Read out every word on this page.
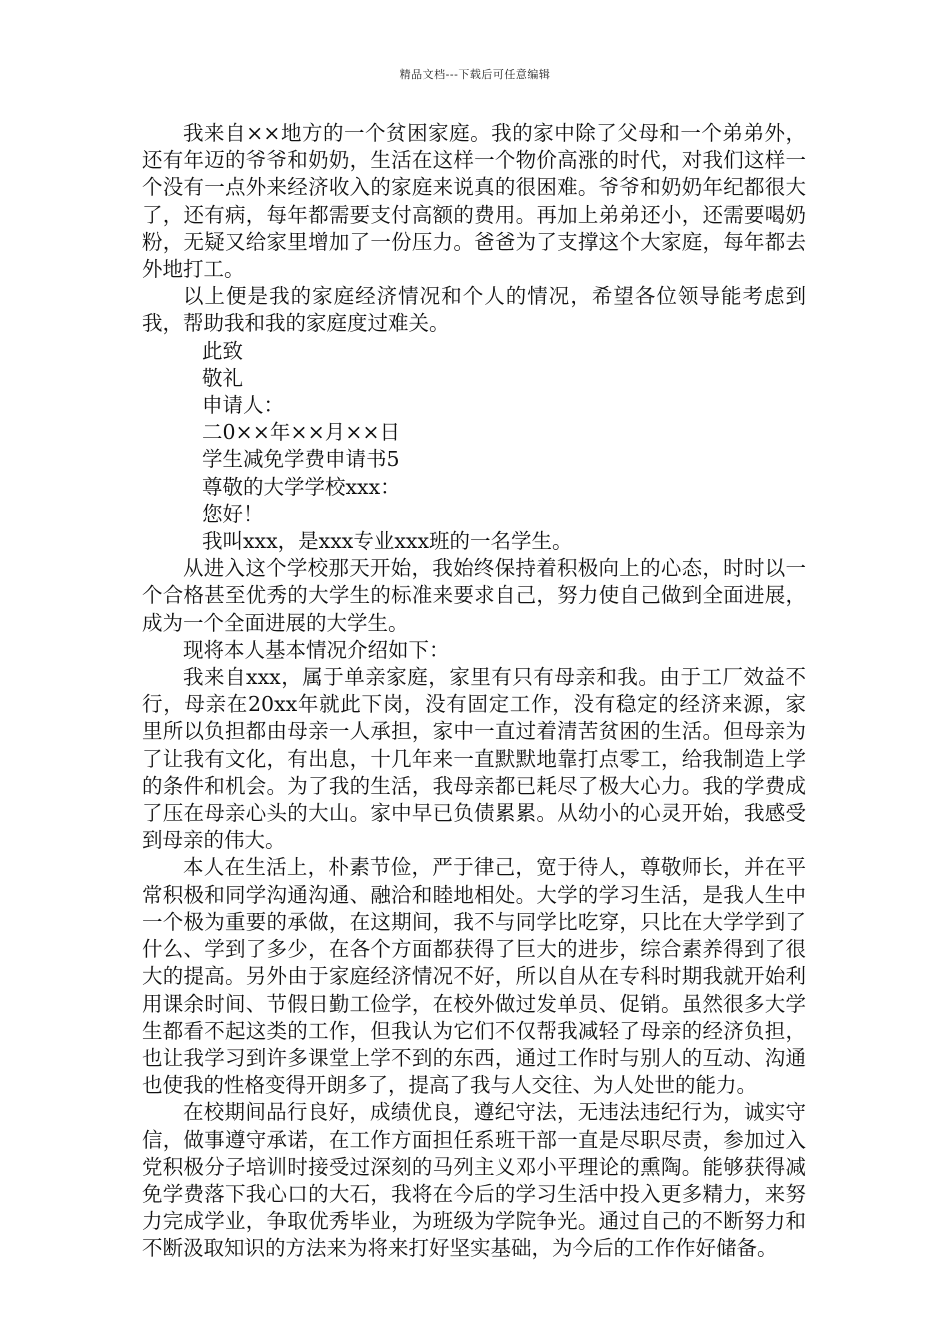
精品文档---下载后可任意编辑

我来自××地方的一个贫困家庭。我的家中除了父母和一个弟弟外，还有年迈的爷爷和奶奶，生活在这样一个物价高涨的时代，对我们这样一个没有一点外来经济收入的家庭来说真的很困难。爷爷和奶奶年纪都很大了，还有病，每年都需要支付高额的费用。再加上弟弟还小，还需要喝奶粉，无疑又给家里增加了一份压力。爸爸为了支撑这个大家庭，每年都去外地打工。

以上便是我的家庭经济情况和个人的情况，希望各位领导能考虑到我，帮助我和我的家庭度过难关。

此致

敬礼

申请人：

二0××年××月××日

学生减免学费申请书5

尊敬的大学学校xxx：

您好！

我叫xxx，是xxx专业xxx班的一名学生。

从进入这个学校那天开始，我始终保持着积极向上的心态，时时以一个合格甚至优秀的大学生的标准来要求自己，努力使自己做到全面进展，成为一个全面进展的大学生。

现将本人基本情况介绍如下：

我来自xxx，属于单亲家庭，家里有只有母亲和我。由于工厂效益不行，母亲在20xx年就此下岗，没有固定工作，没有稳定的经济来源，家里所以负担都由母亲一人承担，家中一直过着清苦贫困的生活。但母亲为了让我有文化，有出息，十几年来一直默默地靠打点零工，给我制造上学的条件和机会。为了我的生活，我母亲都已耗尽了极大心力。我的学费成了压在母亲心头的大山。家中早已负债累累。从幼小的心灵开始，我感受到母亲的伟大。

本人在生活上，朴素节俭，严于律己，宽于待人，尊敬师长，并在平常积极和同学沟通沟通、融洽和睦地相处。大学的学习生活，是我人生中一个极为重要的承做，在这期间，我不与同学比吃穿，只比在大学学到了什么、学到了多少，在各个方面都获得了巨大的进步，综合素养得到了很大的提高。另外由于家庭经济情况不好，所以自从在专科时期我就开始利用课余时间、节假日勤工俭学，在校外做过发单员、促销。虽然很多大学生都看不起这类的工作，但我认为它们不仅帮我减轻了母亲的经济负担，也让我学习到许多课堂上学不到的东西，通过工作时与别人的互动、沟通也使我的性格变得开朗多了，提高了我与人交往、为人处世的能力。

在校期间品行良好，成绩优良，遵纪守法，无违法违纪行为，诚实守信，做事遵守承诺，在工作方面担任系班干部一直是尽职尽责，参加过入党积极分子培训时接受过深刻的马列主义邓小平理论的熏陶。能够获得减免学费落下我心口的大石，我将在今后的学习生活中投入更多精力，来努力完成学业，争取优秀毕业，为班级为学院争光。通过自己的不断努力和不断汲取知识的方法来为将来打好坚实基础，为今后的工作作好储备。
